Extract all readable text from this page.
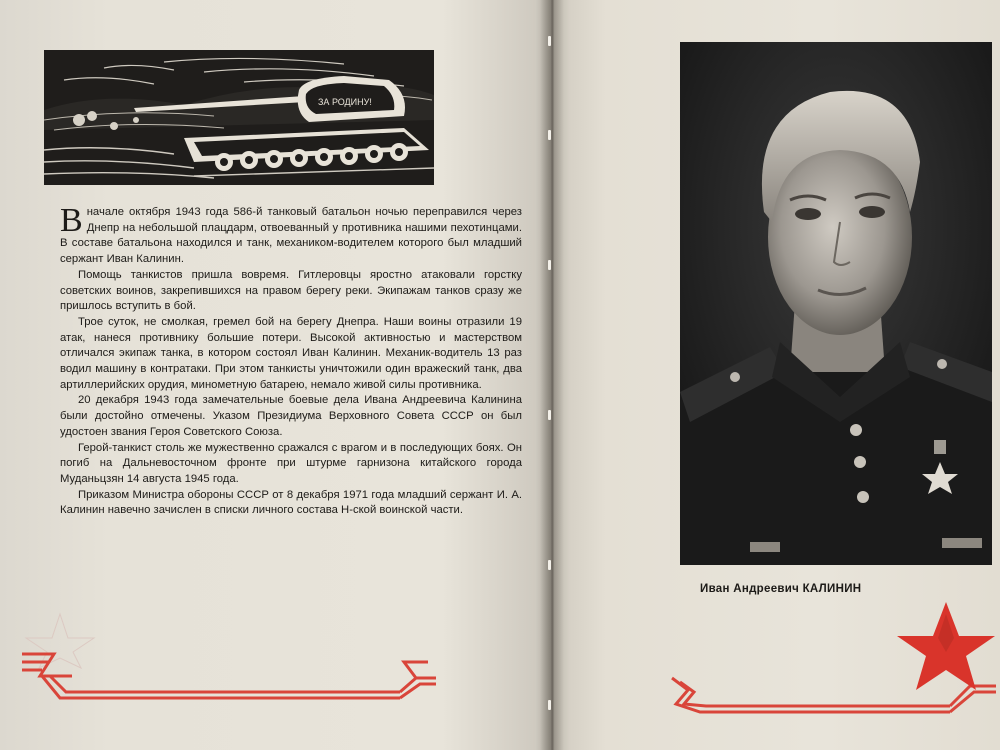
ЗА РОДИНУ!

В начале октября 1943 года 586-й танковый батальон ночью переправился через Днепр на небольшой плацдарм, отвоеванный у противника нашими пехотинцами. В составе батальона находился и танк, механиком-водителем которого был младший сержант Иван Калинин.

Помощь танкистов пришла вовремя. Гитлеровцы яростно атаковали горстку советских воинов, закрепившихся на правом берегу реки. Экипажам танков сразу же пришлось вступить в бой.

Трое суток, не смолкая, гремел бой на берегу Днепра. Наши воины отразили 19 атак, нанеся противнику большие потери. Высокой активностью и мастерством отличался экипаж танка, в котором состоял Иван Калинин. Механик-водитель 13 раз водил машину в контратаки. При этом танкисты уничтожили один вражеский танк, два артиллерийских орудия, минометную батарею, немало живой силы противника.

20 декабря 1943 года замечательные боевые дела Ивана Андреевича Калинина были достойно отмечены. Указом Президиума Верховного Совета СССР он был удостоен звания Героя Советского Союза.

Герой-танкист столь же мужественно сражался с врагом и в последующих боях. Он погиб на Дальневосточном фронте при штурме гарнизона китайского города Муданьцзян 14 августа 1945 года.

Приказом Министра обороны СССР от 8 декабря 1971 года младший сержант И. А. Калинин навечно зачислен в списки личного состава Н-ской воинской части.

Иван Андреевич КАЛИНИН
